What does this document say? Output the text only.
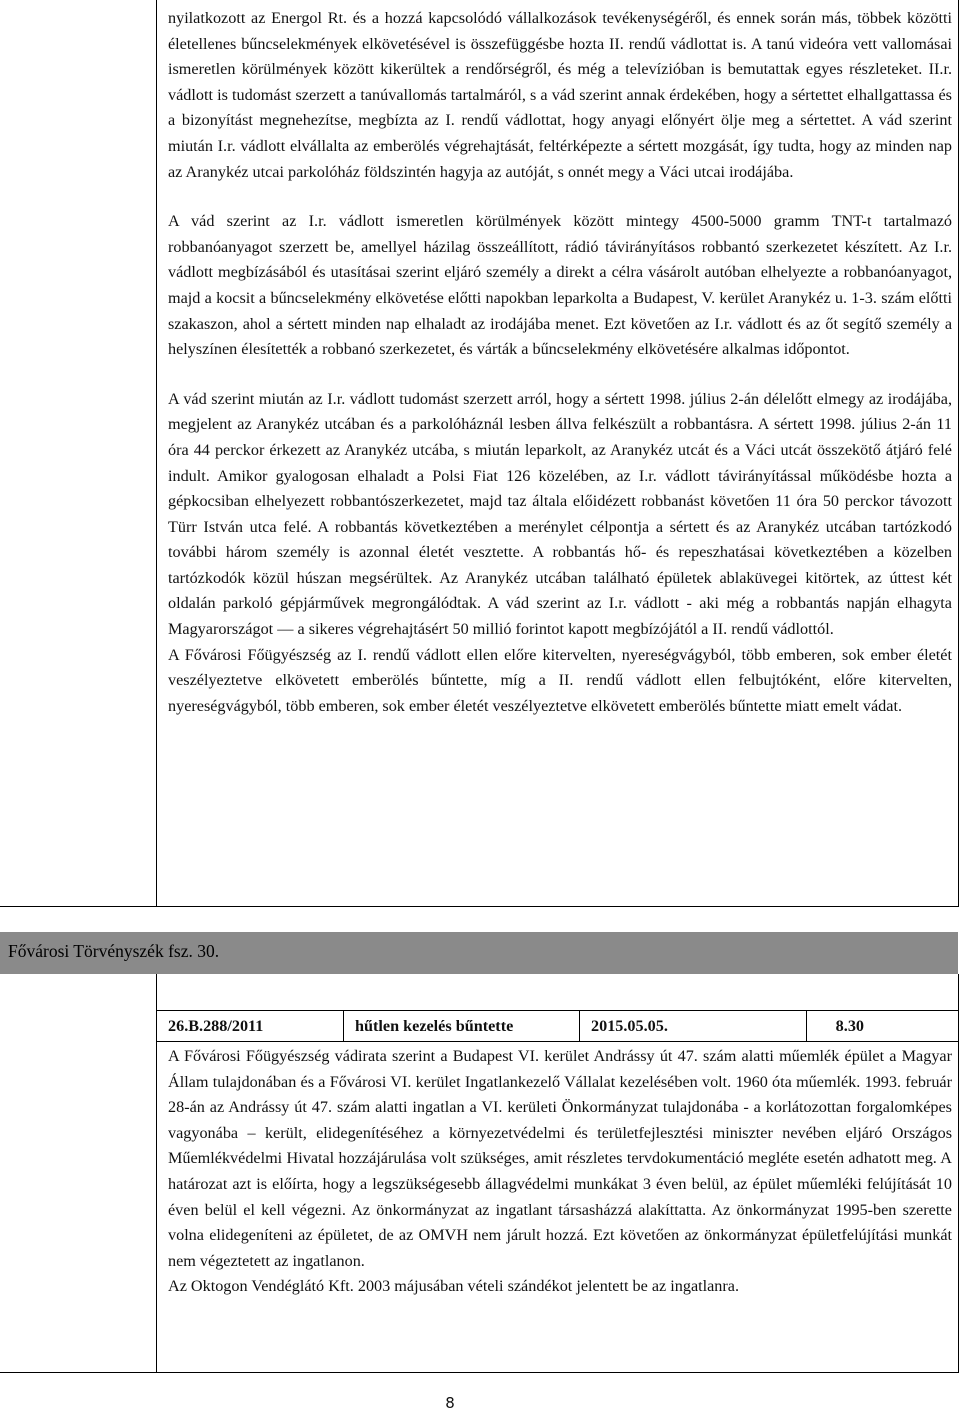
nyilatkozott az Energol Rt. és a hozzá kapcsolódó vállalkozások tevékenységéről, és ennek során más, többek közötti életellenes bűncselekmények elkövetésével is összefüggésbe hozta II. rendű vádlottat is. A tanú videóra vett vallomásai ismeretlen körülmények között kikerültek a rendőrségről, és még a televízióban is bemutattak egyes részleteket. II.r. vádlott is tudomást szerzett a tanúvallomás tartalmáról, s a vád szerint annak érdekében, hogy a sértettet elhallgattassa és a bizonyítást megnehezítse, megbízta az I. rendű vádlottat, hogy anyagi előnyért ölje meg a sértettet. A vád szerint miután I.r. vádlott elvállalta az emberölés végrehajtását, feltérképezte a sértett mozgását, így tudta, hogy az minden nap az Aranykéz utcai parkolóház földszintén hagyja az autóját, s onnét megy a Váci utcai irodájába.

A vád szerint az I.r. vádlott ismeretlen körülmények között mintegy 4500-5000 gramm TNT-t tartalmazó robbanóanyagot szerzett be, amellyel házilag összeállított, rádió távirányításos robbantó szerkezetet készített. Az I.r. vádlott megbízásából és utasításai szerint eljáró személy a direkt a célra vásárolt autóban elhelyezte a robbanóanyagot, majd a kocsit a bűncselekmény elkövetése előtti napokban leparkolta a Budapest, V. kerület Aranykéz u. 1-3. szám előtti szakaszon, ahol a sértett minden nap elhaladt az irodájába menet. Ezt követően az I.r. vádlott és az őt segítő személy a helyszínen élesítették a robbanó szerkezetet, és várták a bűncselekmény elkövetésére alkalmas időpontot.

A vád szerint miután az I.r. vádlott tudomást szerzett arról, hogy a sértett 1998. július 2-án délelőtt elmegy az irodájába, megjelent az Aranykéz utcában és a parkolóháznál lesben állva felkészült a robbantásra. A sértett 1998. július 2-án 11 óra 44 perckor érkezett az Aranykéz utcába, s miután leparkolt, az Aranykéz utcát és a Váci utcát összekötő átjáró felé indult. Amikor gyalogosan elhaladt a Polsi Fiat 126 közelében, az I.r. vádlott távirányítással működésbe hozta a gépkocsiban elhelyezett robbantószerkezetet, majd taz általa előidézett robbanást követően 11 óra 50 perckor távozott Türr István utca felé. A robbantás következtében a merénylet célpontja a sértett és az Aranykéz utcában tartózkodó további három személy is azonnal életét vesztette. A robbantás hő- és repeszhatásai következtében a közelben tartózkodók közül húszan megsérültek. Az Aranykéz utcában található épületek ablaküvegei kitörtek, az úttest két oldalán parkoló gépjárművek megrongálódtak. A vád szerint az I.r. vádlott - aki még a robbantás napján elhagyta Magyarországot — a sikeres végrehajtásért 50 millió forintot kapott megbízójától a II. rendű vádlottól.

A Fővárosi Főügyészség az I. rendű vádlott ellen előre kitervelten, nyereségvágyból, több emberen, sok ember életét veszélyeztetve elkövetett emberölés bűntette, míg a II. rendű vádlott ellen felbujtóként, előre kitervelten, nyereségvágyból, több emberen, sok ember életét veszélyeztetve elkövetett emberölés bűntette miatt emelt vádat.

Fővárosi Törvényszék fsz. 30.
26.B.288/2011	hűtlen kezelés bűntette	2015.05.05.	8.30

A Fővárosi Főügyészség vádirata szerint a Budapest VI. kerület Andrássy út 47. szám alatti műemlék épület a Magyar Állam tulajdonában és a Fővárosi VI. kerület Ingatlankezelő Vállalat kezelésében volt. 1960 óta műemlék. 1993. február 28-án az Andrássy út 47. szám alatti ingatlan a VI. kerületi Önkormányzat tulajdonába - a korlátozottan forgalomképes vagyonába – került, elidegenítéséhez a környezetvédelmi és területfejlesztési miniszter nevében eljáró Országos Műemlékvédelmi Hivatal hozzájárulása volt szükséges, amit részletes tervdokumentáció megléte esetén adhatott meg. A határozat azt is előírta, hogy a legszükségesebb állagvédelmi munkákat 3 éven belül, az épület műemléki felújítását 10 éven belül el kell végezni. Az önkormányzat az ingatlant társasházzá alakíttatta. Az önkormányzat 1995-ben szerette volna elidegeníteni az épületet, de az OMVH nem járult hozzá. Ezt követően az önkormányzat épületfelújítási munkát nem végeztetett az ingatlanon.

Az Oktogon Vendéglátó Kft. 2003 májusában vételi szándékot jelentett be az ingatlanra.

8
